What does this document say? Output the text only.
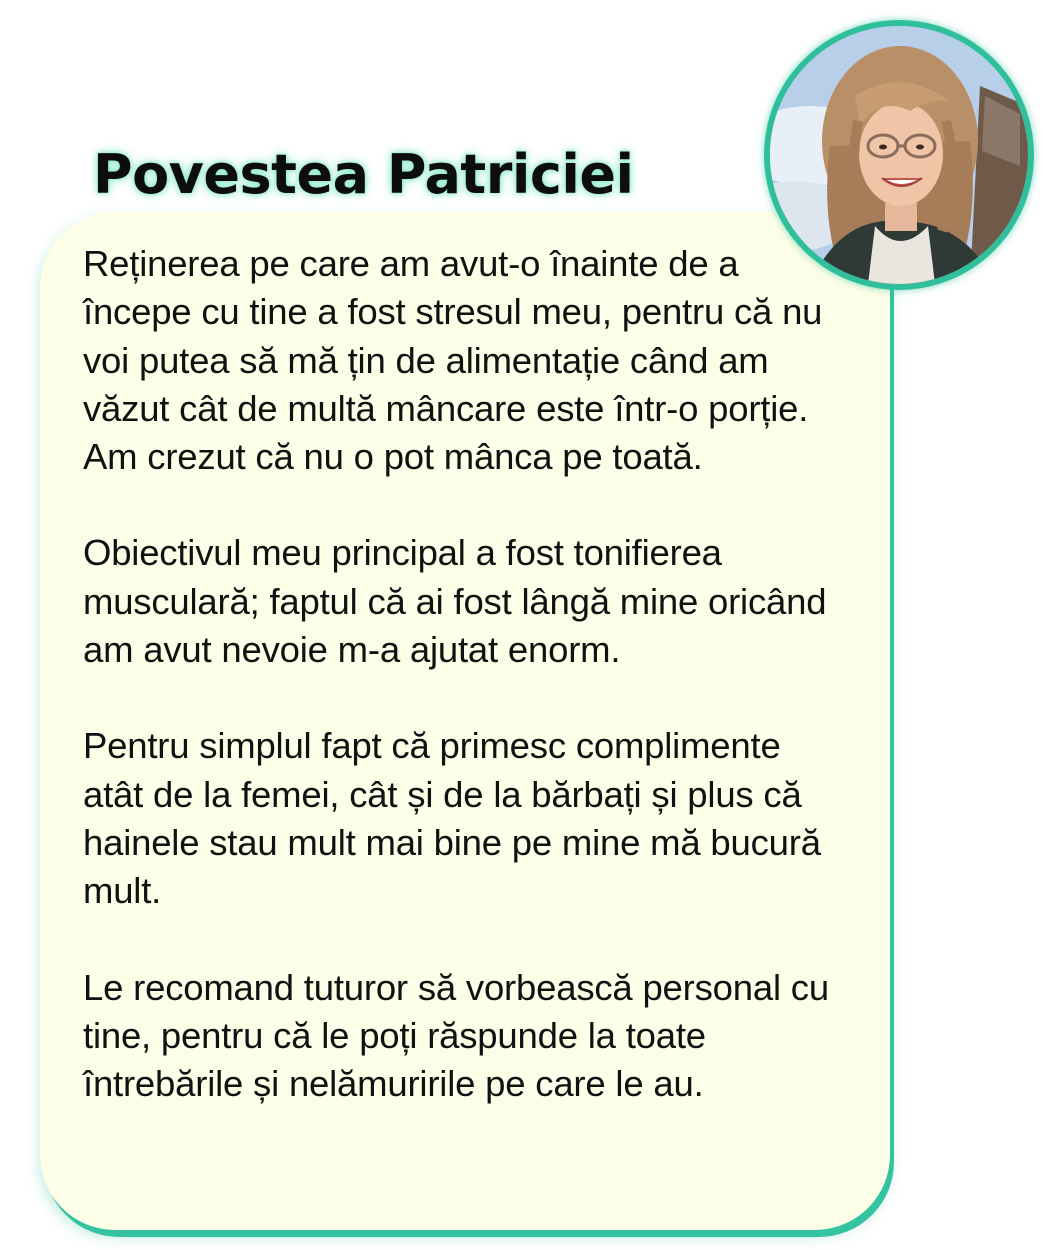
Povestea Patriciei

Reținerea pe care am avut-o înainte de a începe cu tine a fost stresul meu, pentru că nu voi putea să mă țin de alimentație când am văzut cât de multă mâncare este într-o porție. Am crezut că nu o pot mânca pe toată.

Obiectivul meu principal a fost tonifierea musculară; faptul că ai fost lângă mine oricând am avut nevoie m-a ajutat enorm.

Pentru simplul fapt că primesc complimente atât de la femei, cât și de la bărbați și plus că hainele stau mult mai bine pe mine mă bucură mult.

Le recomand tuturor să vorbească personal cu tine, pentru că le poți răspunde la toate întrebările și nelămuririle pe care le au.
